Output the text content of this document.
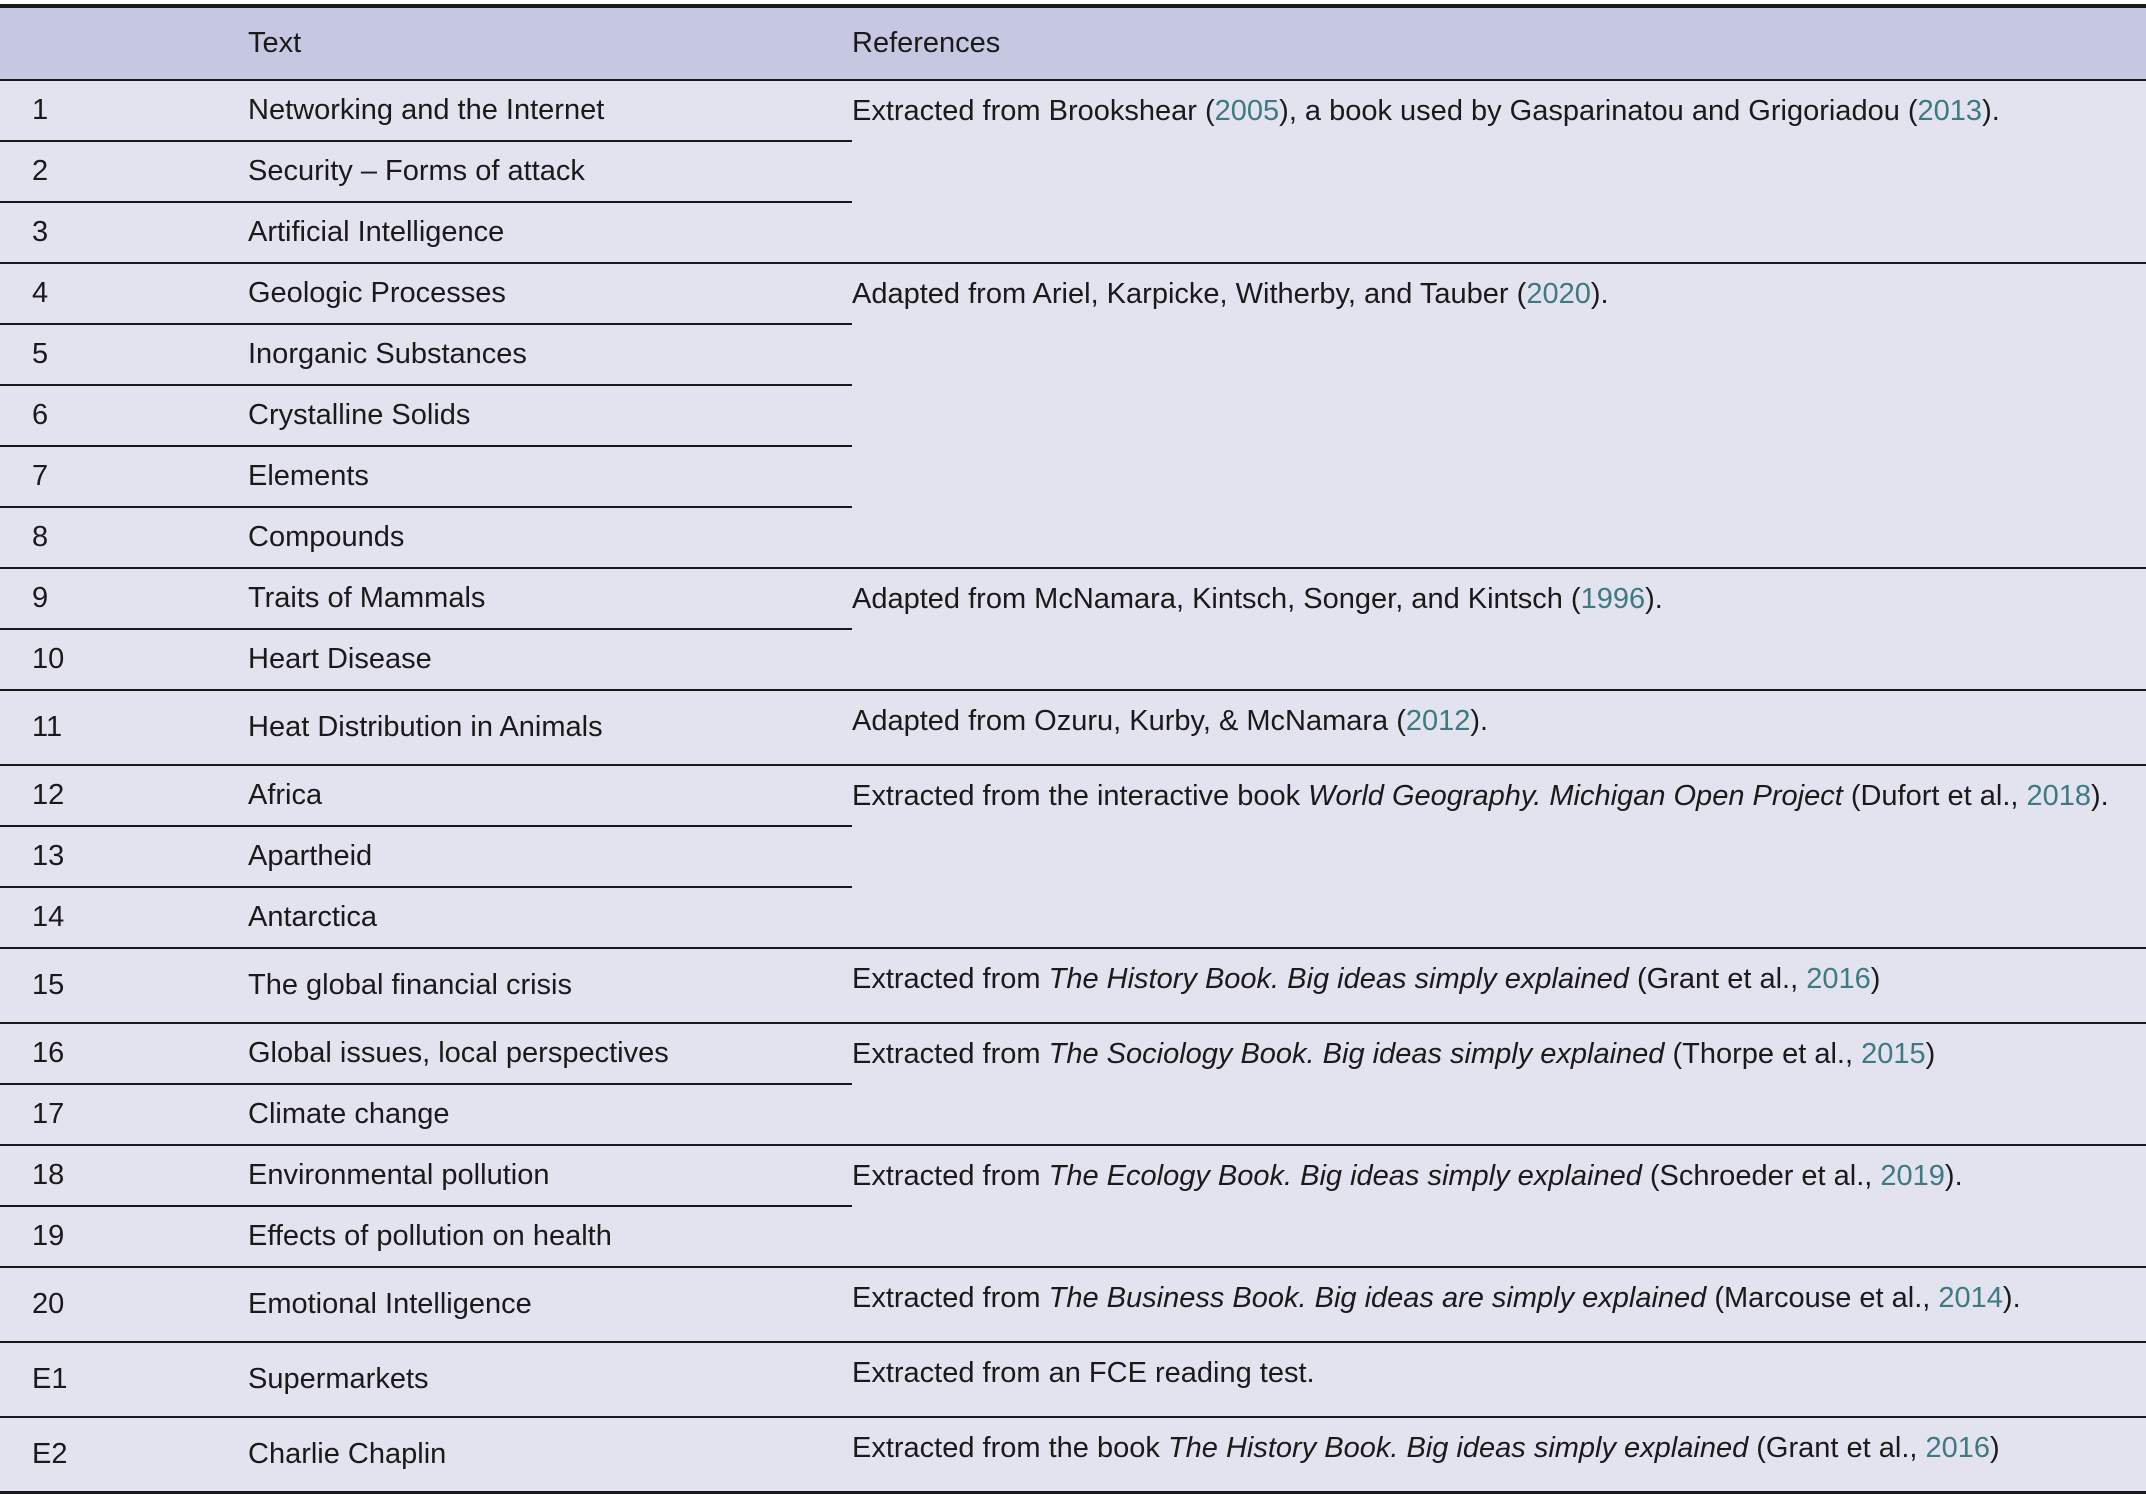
	Text	References
1	Networking and the Internet	Extracted from Brookshear (2005), a book used by Gasparinatou and Grigoriadou (2013).
2	Security – Forms of attack	
3	Artificial Intelligence	
4	Geologic Processes	Adapted from Ariel, Karpicke, Witherby, and Tauber (2020).
5	Inorganic Substances	
6	Crystalline Solids	
7	Elements	
8	Compounds	
9	Traits of Mammals	Adapted from McNamara, Kintsch, Songer, and Kintsch (1996).
10	Heart Disease	
11	Heat Distribution in Animals	Adapted from Ozuru, Kurby, & McNamara (2012).
12	Africa	Extracted from the interactive book World Geography. Michigan Open Project (Dufort et al., 2018).
13	Apartheid	
14	Antarctica	
15	The global financial crisis	Extracted from The History Book. Big ideas simply explained (Grant et al., 2016)
16	Global issues, local perspectives	Extracted from The Sociology Book. Big ideas simply explained (Thorpe et al., 2015)
17	Climate change	
18	Environmental pollution	Extracted from The Ecology Book. Big ideas simply explained (Schroeder et al., 2019).
19	Effects of pollution on health	
20	Emotional Intelligence	Extracted from The Business Book. Big ideas are simply explained (Marcouse et al., 2014).
E1	Supermarkets	Extracted from an FCE reading test.
E2	Charlie Chaplin	Extracted from the book The History Book. Big ideas simply explained (Grant et al., 2016)
